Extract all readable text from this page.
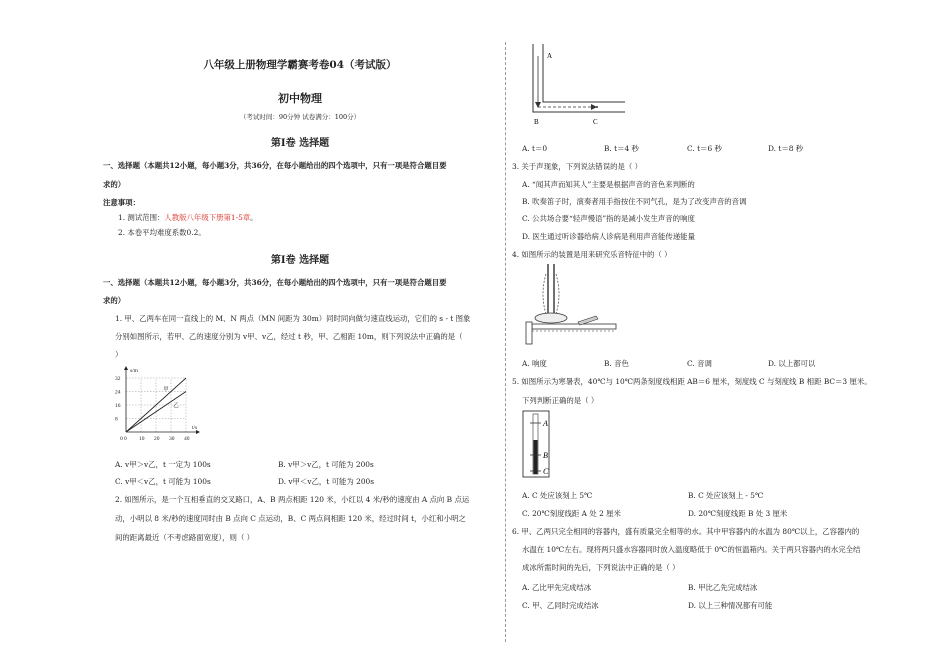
八年级上册物理学霸赛考卷04（考试版）
初中物理
（考试时间：90分钟 试卷满分：100分）
第Ⅰ卷 选择题
一、选择题（本题共12小题，每小题3分，共36分，在每小题给出的四个选项中，只有一项是符合题目要
求的）
注意事项：
1. 测试范围：人教版八年级下册第1-5章。
2. 本卷平均难度系数0.2。
第Ⅰ卷 选择题
一、选择题（本题共12小题，每小题3分，共36分，在每小题给出的四个选项中，只有一项是符合题目要
求的）
1. 甲、乙两车在同一直线上的 M、N 两点（MN 间距为 30m）同时同向做匀速直线运动，它们的 s - t 图象
分别如图所示，若甲、乙的速度分别为 v甲、v乙，经过 t 秒，甲、乙相距 10m，则下列说法中正确的是（
）
0 10 20 30 40
8
16
24
32
s/m
t/s
0
甲
乙
A. v甲＞v乙，t 一定为 100s	B. v甲＞v乙，t 可能为 200s
C. v甲＜v乙，t 可能为 100s	D. v甲＜v乙，t 可能为 200s
2. 如图所示，是一个互相垂直的交叉路口，A、B 两点相距 120 米，小红以 4 米/秒的速度由 A 点向 B 点运
动，小明以 8 米/秒的速度同时由 B 点向 C 点运动，B、C 两点间相距 120 米，经过时间 t，小红和小明之
间的距离最近（不考虑路面宽度），则（ ）
A
B	C
A. t＝0	B. t＝4 秒	C. t＝6 秒	D. t＝8 秒
3. 关于声现象，下列说法错误的是（ ）
A. “闻其声而知其人”主要是根据声音的音色来判断的
B. 吹奏笛子时，演奏者用手指按住不同气孔，是为了改变声音的音调
C. 公共场合要“轻声慢语”指的是减小发生声音的响度
D. 医生通过听诊器给病人诊病是利用声音能传递能量
4. 如图所示的装置是用来研究乐音特征中的（ ）
A. 响度	B. 音色	C. 音调	D. 以上都可以
5. 如图所示为寒暑表，40℃与 10℃两条刻度线相距 AB＝6 厘米，刻度线 C 与刻度线 B 相距 BC＝3 厘米。
下列判断正确的是（ ）
A
B
C
A. C 处应该刻上 5℃	B. C 处应该刻上 - 5℃
C. 20℃刻度线距 A 处 2 厘米	D. 20℃刻度线距 B 处 3 厘米
6. 甲、乙两只完全相同的容器内，盛有质量完全相等的水。其中甲容器内的水温为 80℃以上，乙容器内的
水温在 10℃左右。现将两只盛水容器同时放入温度略低于 0℃的恒温箱内。关于两只容器内的水完全结
成冰所需时间的先后，下列说法中正确的是（ ）
A. 乙比甲先完成结冰	B. 甲比乙先完成结冰
C. 甲、乙同时完成结冰	D. 以上三种情况都有可能
